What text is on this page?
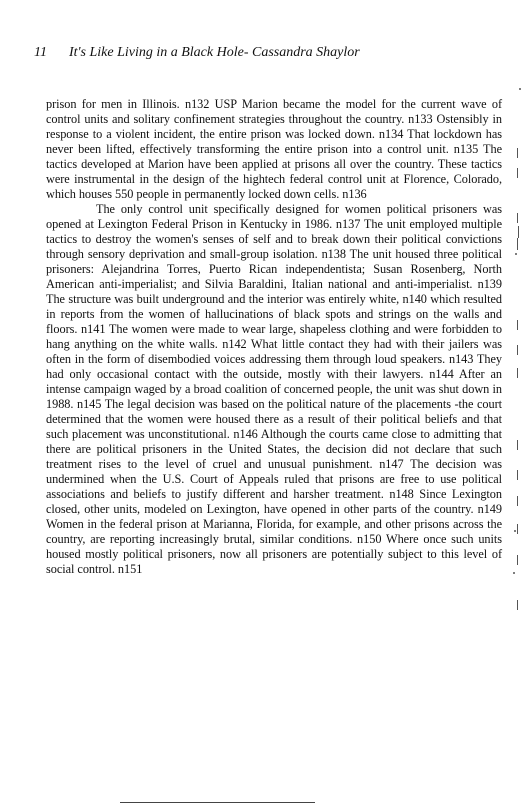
11 It's Like Living in a Black Hole- Cassandra Shaylor

prison for men in Illinois. n132 USP Marion became the model for the current wave of control units and solitary confinement strategies throughout the country. n133 Ostensibly in response to a violent incident, the entire prison was locked down. n134 That lockdown has never been lifted, effectively transforming the entire prison into a control unit. n135 The tactics developed at Marion have been applied at prisons all over the country. These tactics were instrumental in the design of the hightech federal control unit at Florence, Colorado, which houses 550 people in permanently locked down cells. n136

The only control unit specifically designed for women political prisoners was opened at Lexington Federal Prison in Kentucky in 1986. n137 The unit employed multiple tactics to destroy the women's senses of self and to break down their political convictions through sensory deprivation and small-group isolation. n138 The unit housed three political prisoners: Alejandrina Torres, Puerto Rican independentista; Susan Rosenberg, North American anti-imperialist; and Silvia Baraldini, Italian national and anti-imperialist. n139 The structure was built underground and the interior was entirely white, n140 which resulted in reports from the women of hallucinations of black spots and strings on the walls and floors. n141 The women were made to wear large, shapeless clothing and were forbidden to hang anything on the white walls. n142 What little contact they had with their jailers was often in the form of disembodied voices addressing them through loud speakers. n143 They had only occasional contact with the outside, mostly with their lawyers. n144 After an intense campaign waged by a broad coalition of concerned people, the unit was shut down in 1988. n145 The legal decision was based on the political nature of the placements -the court determined that the women were housed there as a result of their political beliefs and that such placement was unconstitutional. n146 Although the courts came close to admitting that there are political prisoners in the United States, the decision did not declare that such treatment rises to the level of cruel and unusual punishment. n147 The decision was undermined when the U.S. Court of Appeals ruled that prisons are free to use political associations and beliefs to justify different and harsher treatment. n148 Since Lexington closed, other units, modeled on Lexington, have opened in other parts of the country. n149 Women in the federal prison at Marianna, Florida, for example, and other prisons across the country, are reporting increasingly brutal, similar conditions. n150 Where once such units housed mostly political prisoners, now all prisoners are potentially subject to this level of social control. n151
